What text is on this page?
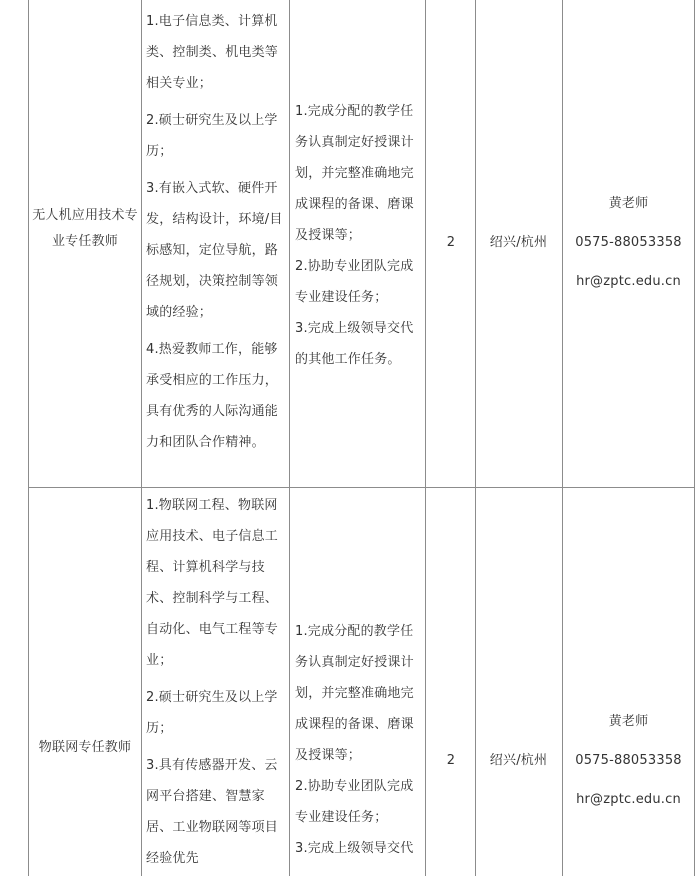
无人机应用技术专业专任教师

1.电子信息类、计算机类、控制类、机电类等相关专业；

2.硕士研究生及以上学历；

3.有嵌入式软、硬件开发，结构设计，环境/目标感知，定位导航，路径规划，决策控制等领域的经验；

4.热爱教师工作，能够承受相应的工作压力，具有优秀的人际沟通能力和团队合作精神。

1.完成分配的教学任务认真制定好授课计划，并完整准确地完成课程的备课、磨课及授课等；

2.协助专业团队完成专业建设任务；

3.完成上级领导交代的其他工作任务。

2	绍兴/杭州
黄老师
0575-88053358
hr@zptc.edu.cn
物联网专任教师

1.物联网工程、物联网应用技术、电子信息工程、计算机科学与技术、控制科学与工程、自动化、电气工程等专业；

2.硕士研究生及以上学历；

3.具有传感器开发、云网平台搭建、智慧家居、工业物联网等项目经验优先

1.完成分配的教学任务认真制定好授课计划，并完整准确地完成课程的备课、磨课及授课等；

2.协助专业团队完成专业建设任务；

3.完成上级领导交代

2	绍兴/杭州
黄老师
0575-88053358
hr@zptc.edu.cn
